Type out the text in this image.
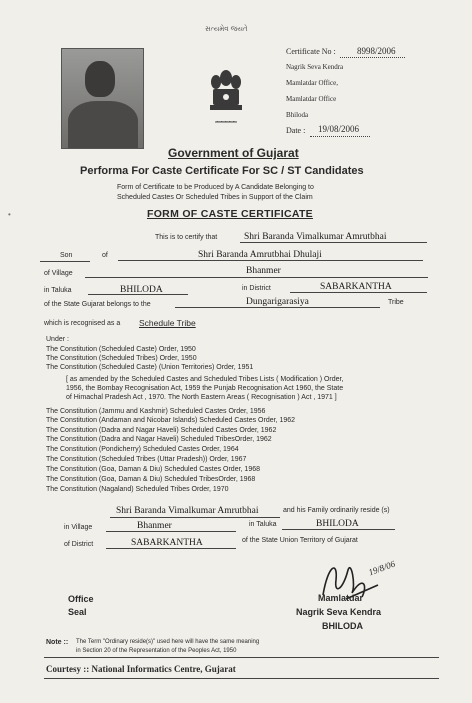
સત્યમેવ જયતે
~~~~~
Certificate No : 8998/2006
Nagrik Seva Kendra
Mamlatdar Office,
Mamlatdar Office
Bhiloda
Date : 19/08/2006
Government of Gujarat
Performa For Caste Certificate For SC / ST Candidates
Form of Certificate to be Produced by A Candidate Belonging to
Scheduled Castes Or Scheduled Tribes in Support of the Claim
FORM OF CASTE CERTIFICATE
This is to certify that	Shri Baranda Vimalkumar Amrutbhai
Son	of	Shri Baranda Amrutbhai Dhulaji
of Village	Bhanmer
in Taluka	BHILODA	in District	SABARKANTHA
of the State Gujarat belongs to the	Dungarigarasiya	Tribe
which is recognised as a Schedule Tribe
Under :
The Constitution (Scheduled Caste) Order, 1950
The Constitution (Scheduled Tribes) Order, 1950
The Constitution (Scheduled Caste) (Union Territories) Order, 1951
[ as amended by the Scheduled Castes and Scheduled Tribes Lists ( Modification ) Order,
1956, the Bombay Recognisation Act, 1959 the Punjab Recognisation Act 1960, the State
of Himachal Pradesh Act , 1970. The North Eastern Areas ( Recognisation ) Act , 1971 ]
The Constitution (Jammu and Kashmir) Scheduled Castes Order, 1956
The Constitution (Andaman and Nicobar Islands) Scheduled Castes Order, 1962
The Constitution (Dadra and Nagar Haveli) Scheduled Castes Order, 1962
The Constitution (Dadra and Nagar Haveli) Scheduled TribesOrder, 1962
The Constitution (Pondicherry) Scheduled Castes Order, 1964
The Constitution (Scheduled Tribes (Uttar Pradesh)) Order, 1967
The Constitution (Goa, Daman & Diu) Scheduled Castes Order, 1968
The Constitution (Goa, Daman & Diu) Scheduled TribesOrder, 1968
The Constitution (Nagaland) Scheduled Tribes Order, 1970
Shri Baranda Vimalkumar Amrutbhai	and his Family ordinarily reside (s)
in Village	Bhanmer	in Taluka	BHILODA
of District	SABARKANTHA	of the State Union Territory of Gujarat
19/8/06
Office
Seal
Mamlatdar
Nagrik Seva Kendra
BHILODA
Note :: The Term "Ordinary reside(s)" used here will have the same meaning
in Section 20 of the Representation of the Peoples Act, 1950
Courtesy :: National Informatics Centre, Gujarat
•
